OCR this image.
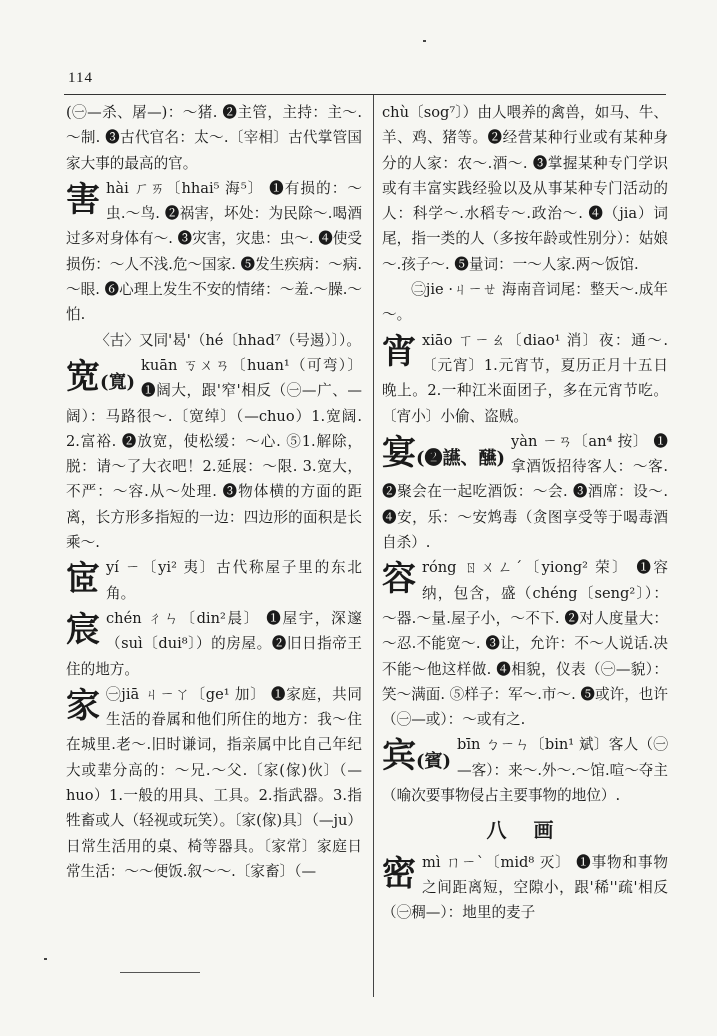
114

(㊀—杀、屠—)：～猪. ❷主管，主持：主～.～制. ❸古代官名：太～.〔宰相〕古代掌管国家大事的最高的官。

害 hài ㄏㄞ〔hhai⁵ 海⁵〕 ❶有损的：～虫.～鸟. ❷祸害，坏处：为民除～.喝酒过多对身体有～. ❸灾害，灾患：虫～. ❹使受损伤：～人不浅.危～国家. ❺发生疾病：～病.～眼. ❻心理上发生不安的情绪：～羞.～臊.～怕.

〈古〉又同'曷'（hé〔hhad⁷（号遏）〕）。

宽(寬)
kuān ㄎㄨㄢ〔huan¹（可弯）〕 ❶阔大，跟'窄'相反（㊀—广、—阔）：马路很～.〔宽绰〕（—chuo）1.宽阔. 2.富裕. ❷放宽，使松缓：～心. ⑤1.解除，脱：请～了大衣吧！2.延展：～限. 3.宽大，不严：～容.从～处理. ❸物体横的方面的距离，长方形多指短的一边：四边形的面积是长乘～.
宧 yí ㄧ〔yi² 夷〕古代称屋子里的东北角。
宸 chén ㄔㄣ〔din²晨〕 ❶屋宇，深邃（suì〔dui⁸〕）的房屋。❷旧日指帝王住的地方。
家 ㊀jiā ㄐㄧㄚ〔ge¹ 加〕 ❶家庭，共同生活的眷属和他们所住的地方：我～住在城里.老～.旧时谦词，指亲属中比自己年纪大或辈分高的：～兄.～父.〔家(傢)伙〕（—huo）1.一般的用具、工具。2.指武器。3.指牲畜或人（轻视或玩笑）。〔家(傢)具〕（—ju）日常生活用的桌、椅等器具。〔家常〕家庭日常生活：～～便饭.叙～～.〔家畜〕（—

chù〔sog⁷〕）由人喂养的禽兽，如马、牛、羊、鸡、猪等。❷经营某种行业或有某种身分的人家：农～.酒～. ❸掌握某种专门学识或有丰富实践经验以及从事某种专门活动的人：科学～.水稻专～.政治～. ❹（jia）词尾，指一类的人（多按年龄或性别分）：姑娘～.孩子～. ❺量词：一～人家.两～饭馆.

㊁jie ·ㄐㄧㄝ 海南音词尾：整天～.成年～。

宵 xiāo ㄒㄧㄠ〔diao¹ 消〕夜：通～.〔元宵〕1.元宵节，夏历正月十五日晚上。2.一种江米面团子，多在元宵节吃。〔宵小〕小偷、盗贼。
宴(❷讌、醼)
yàn ㄧㄢ〔an⁴ 按〕 ❶拿酒饭招待客人：～客. ❷聚会在一起吃酒饭：～会. ❸酒席：设～. ❹安，乐：～安鸩毒（贪图享受等于喝毒酒自杀）.
容 róng ㄖㄨㄥˊ〔yiong² 荣〕 ❶容纳，包含，盛（chéng〔seng²〕）：～器.～量.屋子小，～不下. ❷对人度量大：～忍.不能宽～. ❸让，允许：不～人说话.决不能～他这样做. ❹相貌，仪表（㊀—貌）：笑～满面. ⑤样子：军～.市～. ❺或许，也许（㊀—或）：～或有之.
宾(賓)
bīn ㄅㄧㄣ〔bin¹ 斌〕客人（㊀—客）：来～.外～.～馆.喧～夺主（喻次要事物侵占主要事物的地位）.
八 画
密 mì ㄇㄧˋ〔mid⁸ 灭〕 ❶事物和事物之间距离短，空隙小，跟'稀''疏'相反（㊀稠—）：地里的麦子
